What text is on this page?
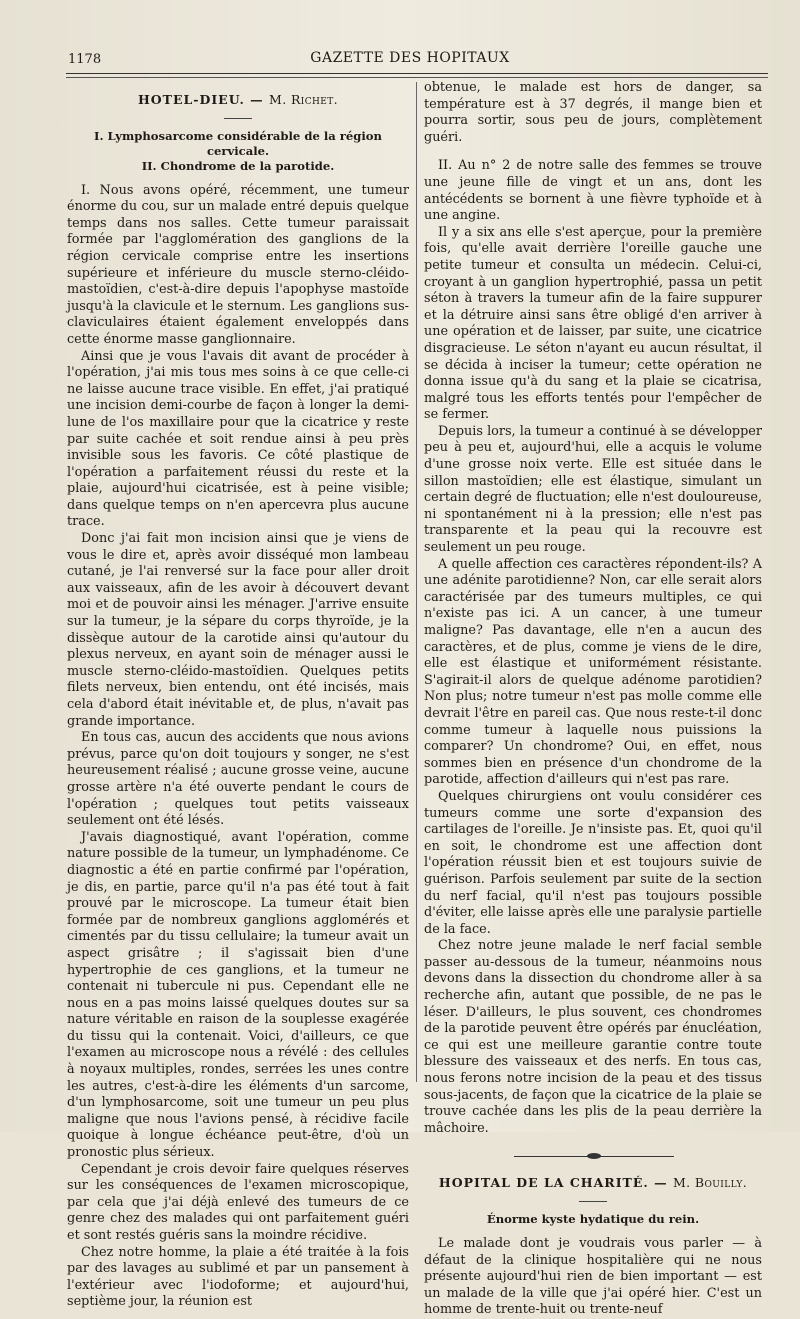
1178	GAZETTE DES HOPITAUX
HOTEL-DIEU. — M. Richet.
I. Lymphosarcome considérable de la région cervicale.
II. Chondrome de la parotide.

I. Nous avons opéré, récemment, une tumeur énorme du cou, sur un malade entré depuis quelque temps dans nos salles. Cette tumeur paraissait formée par l'agglomération des ganglions de la région cervicale comprise entre les insertions supérieure et inférieure du muscle sterno-cléido-mastoïdien, c'est-à-dire depuis l'apophyse mastoïde jusqu'à la clavicule et le sternum. Les ganglions sus-claviculaires étaient également enveloppés dans cette énorme masse ganglionnaire.

Ainsi que je vous l'avais dit avant de procéder à l'opération, j'ai mis tous mes soins à ce que celle-ci ne laisse aucune trace visible. En effet, j'ai pratiqué une incision demi-courbe de façon à longer la demi-lune de l'os maxillaire pour que la cicatrice y reste par suite cachée et soit rendue ainsi à peu près invisible sous les favoris. Ce côté plastique de l'opération a parfaitement réussi du reste et la plaie, aujourd'hui cicatrisée, est à peine visible; dans quelque temps on n'en apercevra plus aucune trace.

Donc j'ai fait mon incision ainsi que je viens de vous le dire et, après avoir disséqué mon lambeau cutané, je l'ai renversé sur la face pour aller droit aux vaisseaux, afin de les avoir à découvert devant moi et de pouvoir ainsi les ménager. J'arrive ensuite sur la tumeur, je la sépare du corps thyroïde, je la dissèque autour de la carotide ainsi qu'autour du plexus nerveux, en ayant soin de ménager aussi le muscle sterno-cléido-mastoïdien. Quelques petits filets nerveux, bien entendu, ont été incisés, mais cela d'abord était inévitable et, de plus, n'avait pas grande importance.

En tous cas, aucun des accidents que nous avions prévus, parce qu'on doit toujours y songer, ne s'est heureusement réalisé ; aucune grosse veine, aucune grosse artère n'a été ouverte pendant le cours de l'opération ; quelques tout petits vaisseaux seulement ont été lésés.

J'avais diagnostiqué, avant l'opération, comme nature possible de la tumeur, un lymphadénome. Ce diagnostic a été en partie confirmé par l'opération, je dis, en partie, parce qu'il n'a pas été tout à fait prouvé par le microscope. La tumeur était bien formée par de nombreux ganglions agglomérés et cimentés par du tissu cellulaire; la tumeur avait un aspect grisâtre ; il s'agissait bien d'une hypertrophie de ces ganglions, et la tumeur ne contenait ni tubercule ni pus. Cependant elle ne nous en a pas moins laissé quelques doutes sur sa nature véritable en raison de la souplesse exagérée du tissu qui la contenait. Voici, d'ailleurs, ce que l'examen au microscope nous a révélé : des cellules à noyaux multiples, rondes, serrées les unes contre les autres, c'est-à-dire les éléments d'un sarcome, d'un lymphosarcome, soit une tumeur un peu plus maligne que nous l'avions pensé, à récidive facile quoique à longue échéance peut-être, d'où un pronostic plus sérieux.

Cependant je crois devoir faire quelques réserves sur les conséquences de l'examen microscopique, par cela que j'ai déjà enlevé des tumeurs de ce genre chez des malades qui ont parfaitement guéri et sont restés guéris sans la moindre récidive.

Chez notre homme, la plaie a été traitée à la fois par des lavages au sublimé et par un pansement à l'extérieur avec l'iodoforme; et aujourd'hui, septième jour, la réunion est

obtenue, le malade est hors de danger, sa température est à 37 degrés, il mange bien et pourra sortir, sous peu de jours, complètement guéri.

II. Au n° 2 de notre salle des femmes se trouve une jeune fille de vingt et un ans, dont les antécédents se bornent à une fièvre typhoïde et à une angine.

Il y a six ans elle s'est aperçue, pour la première fois, qu'elle avait derrière l'oreille gauche une petite tumeur et consulta un médecin. Celui-ci, croyant à un ganglion hypertrophié, passa un petit séton à travers la tumeur afin de la faire suppurer et la détruire ainsi sans être obligé d'en arriver à une opération et de laisser, par suite, une cicatrice disgracieuse. Le séton n'ayant eu aucun résultat, il se décida à inciser la tumeur; cette opération ne donna issue qu'à du sang et la plaie se cicatrisa, malgré tous les efforts tentés pour l'empêcher de se fermer.

Depuis lors, la tumeur a continué à se développer peu à peu et, aujourd'hui, elle a acquis le volume d'une grosse noix verte. Elle est située dans le sillon mastoïdien; elle est élastique, simulant un certain degré de fluctuation; elle n'est douloureuse, ni spontanément ni à la pression; elle n'est pas transparente et la peau qui la recouvre est seulement un peu rouge.

A quelle affection ces caractères répondent-ils? A une adénite parotidienne? Non, car elle serait alors caractérisée par des tumeurs multiples, ce qui n'existe pas ici. A un cancer, à une tumeur maligne? Pas davantage, elle n'en a aucun des caractères, et de plus, comme je viens de le dire, elle est élastique et uniformément résistante. S'agirait-il alors de quelque adénome parotidien? Non plus; notre tumeur n'est pas molle comme elle devrait l'être en pareil cas. Que nous reste-t-il donc comme tumeur à laquelle nous puissions la comparer? Un chondrome? Oui, en effet, nous sommes bien en présence d'un chondrome de la parotide, affection d'ailleurs qui n'est pas rare.

Quelques chirurgiens ont voulu considérer ces tumeurs comme une sorte d'expansion des cartilages de l'oreille. Je n'insiste pas. Et, quoi qu'il en soit, le chondrome est une affection dont l'opération réussit bien et est toujours suivie de guérison. Parfois seulement par suite de la section du nerf facial, qu'il n'est pas toujours possible d'éviter, elle laisse après elle une paralysie partielle de la face.

Chez notre jeune malade le nerf facial semble passer au-dessous de la tumeur, néanmoins nous devons dans la dissection du chondrome aller à sa recherche afin, autant que possible, de ne pas le léser. D'ailleurs, le plus souvent, ces chondromes de la parotide peuvent être opérés par énucléation, ce qui est une meilleure garantie contre toute blessure des vaisseaux et des nerfs. En tous cas, nous ferons notre incision de la peau et des tissus sous-jacents, de façon que la cicatrice de la plaie se trouve cachée dans les plis de la peau derrière la mâchoire.

HOPITAL DE LA CHARITÉ. — M. Bouilly.
Énorme kyste hydatique du rein.

Le malade dont je voudrais vous parler — à défaut de la clinique hospitalière qui ne nous présente aujourd'hui rien de bien important — est un malade de la ville que j'ai opéré hier. C'est un homme de trente-huit ou trente-neuf
